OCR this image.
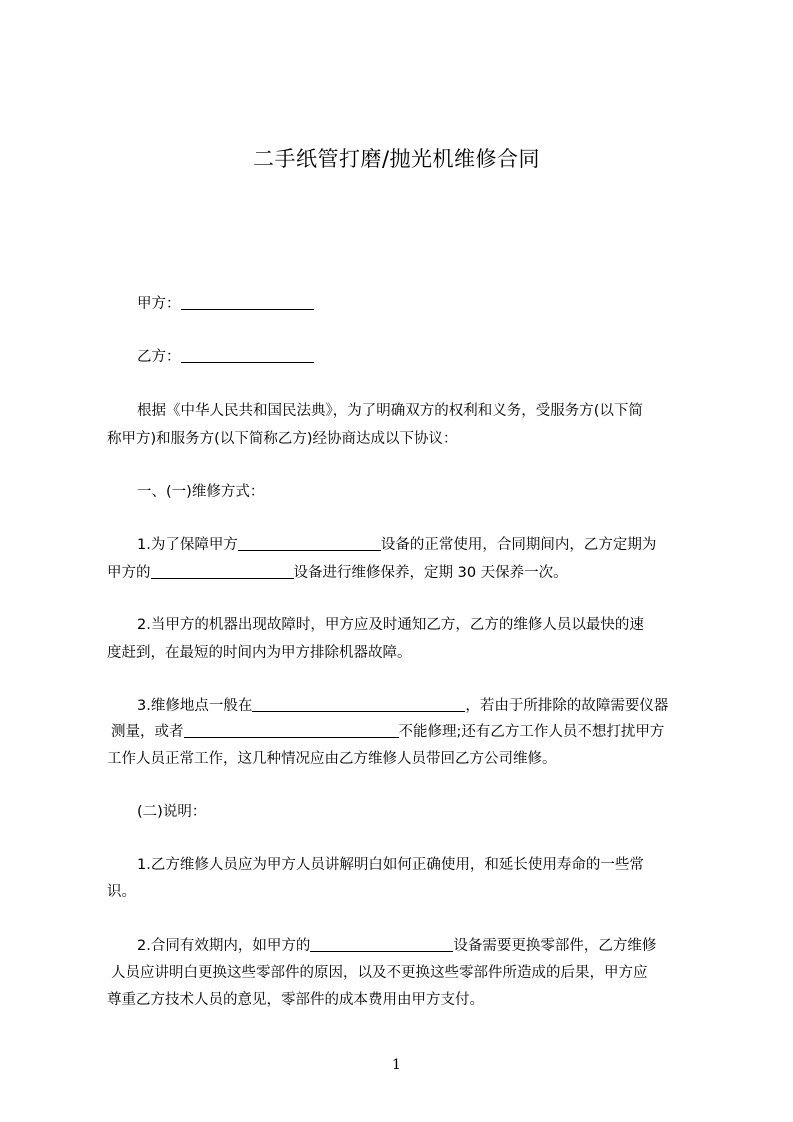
二手纸管打磨/抛光机维修合同
甲方：
乙方：
根据《中华人民共和国民法典》，为了明确双方的权利和义务，受服务方(以下简
称甲方)和服务方(以下简称乙方)经协商达成以下协议：
一、(一)维修方式：
1.为了保障甲方	设备的正常使用，合同期间内，乙方定期为
甲方的	设备进行维修保养，定期 30 天保养一次。
2.当甲方的机器出现故障时，甲方应及时通知乙方，乙方的维修人员以最快的速
度赶到，在最短的时间内为甲方排除机器故障。
3.维修地点一般在	，若由于所排除的故障需要仪器
测量，或者	不能修理;还有乙方工作人员不想打扰甲方
工作人员正常工作，这几种情况应由乙方维修人员带回乙方公司维修。
(二)说明：
1.乙方维修人员应为甲方人员讲解明白如何正确使用，和延长使用寿命的一些常
识。
2.合同有效期内，如甲方的	设备需要更换零部件，乙方维修
人员应讲明白更换这些零部件的原因，以及不更换这些零部件所造成的后果，甲方应
尊重乙方技术人员的意见，零部件的成本费用由甲方支付。
1
